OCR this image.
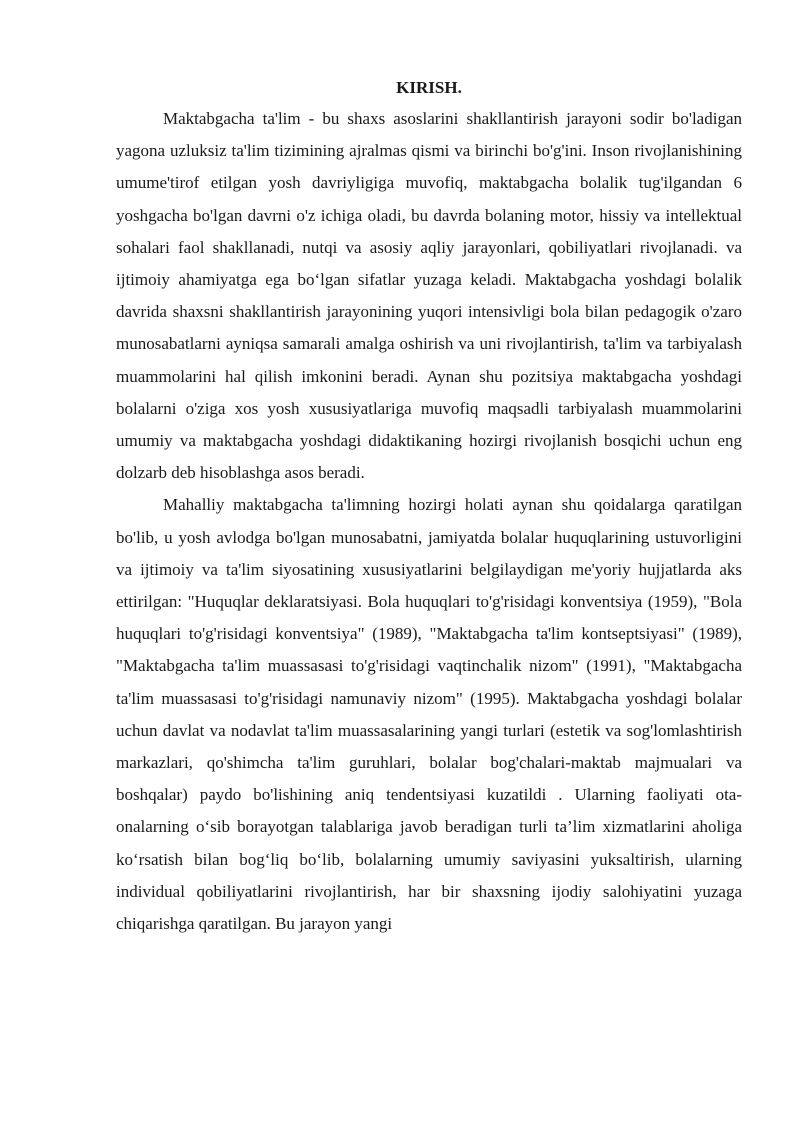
KIRISH.

Maktabgacha ta'lim - bu shaxs asoslarini shakllantirish jarayoni sodir bo'ladigan yagona uzluksiz ta'lim tizimining ajralmas qismi va birinchi bo'g'ini. Inson rivojlanishining umume'tirof etilgan yosh davriyligiga muvofiq, maktabgacha bolalik tug'ilgandan 6 yoshgacha bo'lgan davrni o'z ichiga oladi, bu davrda bolaning motor, hissiy va intellektual sohalari faol shakllanadi, nutqi va asosiy aqliy jarayonlari, qobiliyatlari rivojlanadi. va ijtimoiy ahamiyatga ega bo‘lgan sifatlar yuzaga keladi. Maktabgacha yoshdagi bolalik davrida shaxsni shakllantirish jarayonining yuqori intensivligi bola bilan pedagogik o'zaro munosabatlarni ayniqsa samarali amalga oshirish va uni rivojlantirish, ta'lim va tarbiyalash muammolarini hal qilish imkonini beradi. Aynan shu pozitsiya maktabgacha yoshdagi bolalarni o'ziga xos yosh xususiyatlariga muvofiq maqsadli tarbiyalash muammolarini umumiy va maktabgacha yoshdagi didaktikaning hozirgi rivojlanish bosqichi uchun eng dolzarb deb hisoblashga asos beradi.

Mahalliy maktabgacha ta'limning hozirgi holati aynan shu qoidalarga qaratilgan bo'lib, u yosh avlodga bo'lgan munosabatni, jamiyatda bolalar huquqlarining ustuvorligini va ijtimoiy va ta'lim siyosatining xususiyatlarini belgilaydigan me'yoriy hujjatlarda aks ettirilgan: "Huquqlar deklaratsiyasi. Bola huquqlari to'g'risidagi konventsiya (1959), "Bola huquqlari to'g'risidagi konventsiya" (1989), "Maktabgacha ta'lim kontseptsiyasi" (1989), "Maktabgacha ta'lim muassasasi to'g'risidagi vaqtinchalik nizom" (1991), "Maktabgacha ta'lim muassasasi to'g'risidagi namunaviy nizom" (1995). Maktabgacha yoshdagi bolalar uchun davlat va nodavlat ta'lim muassasalarining yangi turlari (estetik va sog'lomlashtirish markazlari, qo'shimcha ta'lim guruhlari, bolalar bog'chalari-maktab majmualari va boshqalar) paydo bo'lishining aniq tendentsiyasi kuzatildi . Ularning faoliyati ota-onalarning o‘sib borayotgan talablariga javob beradigan turli ta’lim xizmatlarini aholiga ko‘rsatish bilan bog‘liq bo‘lib, bolalarning umumiy saviyasini yuksaltirish, ularning individual qobiliyatlarini rivojlantirish, har bir shaxsning ijodiy salohiyatini yuzaga chiqarishga qaratilgan. Bu jarayon yangi
